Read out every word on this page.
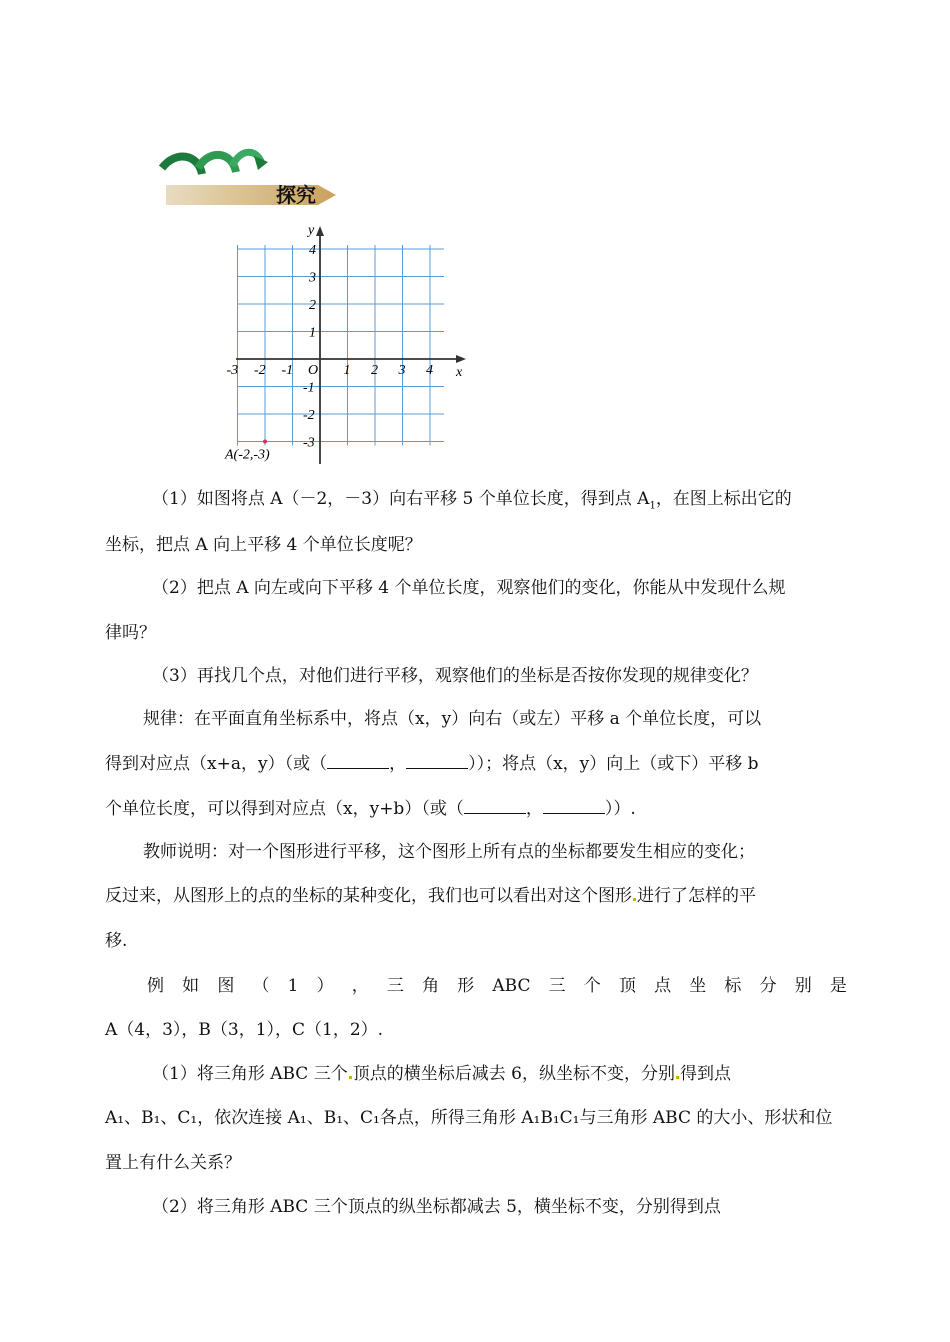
探究
x
y
O
-3 -2 -1	1 2 3 4
4
3
2
1
-1
-2
-3
A(-2,-3)

（1）如图将点 A（－2，－3）向右平移 5 个单位长度，得到点 $A_1$，在图上标出它的

坐标，把点 A 向上平移 4 个单位长度呢？

（2）把点 A 向左或向下平移 4 个单位长度，观察他们的变化，你能从中发现什么规

律吗？

（3）再找几个点，对他们进行平移，观察他们的坐标是否按你发现的规律变化？

规律：在平面直角坐标系中，将点（x，y）向右（或左）平移 a 个单位长度，可以

得到对应点（x+a，y）（或（	，	））；将点（x，y）向上（或下）平移 b

个单位长度，可以得到对应点（x，y+b）（或（	，	））.

教师说明：对一个图形进行平移，这个图形上所有点的坐标都要发生相应的变化；

反过来，从图形上的点的坐标的某种变化，我们也可以看出对这个图形 进行了怎样的平

移.

例 如 图 （ 1 ） ， 三 角 形 ABC 三 个 顶 点 坐 标 分 别 是

A（4，3），B（3，1），C（1，2）.

（1）将三角形 ABC 三个 顶点的横坐标后减去 6，纵坐标不变，分别 得到点

A₁、B₁、C₁，依次连接 A₁、B₁、C₁各点，所得三角形 A₁B₁C₁与三角形 ABC 的大小、形状和位

置上有什么关系？

（2）将三角形 ABC 三个顶点的纵坐标都减去 5，横坐标不变，分别得到点
